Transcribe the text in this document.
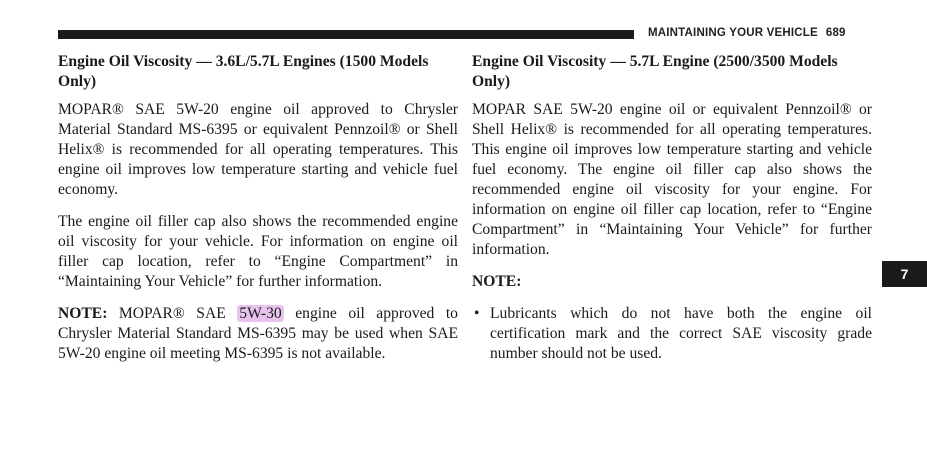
MAINTAINING YOUR VEHICLE 689
Engine Oil Viscosity — 3.6L/5.7L Engines (1500 Models Only)

MOPAR® SAE 5W-20 engine oil approved to Chrysler Material Standard MS-6395 or equivalent Pennzoil® or Shell Helix® is recommended for all operating temperatures. This engine oil improves low temperature starting and vehicle fuel economy.

The engine oil filler cap also shows the recommended engine oil viscosity for your vehicle. For information on engine oil filler cap location, refer to “Engine Compartment” in “Maintaining Your Vehicle” for further information.

NOTE: MOPAR® SAE 5W-30 engine oil approved to Chrysler Material Standard MS-6395 may be used when SAE 5W-20 engine oil meeting MS-6395 is not available.

Engine Oil Viscosity — 5.7L Engine (2500/3500 Models Only)

MOPAR SAE 5W-20 engine oil or equivalent Pennzoil® or Shell Helix® is recommended for all operating temperatures. This engine oil improves low temperature starting and vehicle fuel economy. The engine oil filler cap also shows the recommended engine oil viscosity for your engine. For information on engine oil filler cap location, refer to “Engine Compartment” in “Maintaining Your Vehicle” for further information.

NOTE:

• Lubricants which do not have both the engine oil certification mark and the correct SAE viscosity grade number should not be used.
7
